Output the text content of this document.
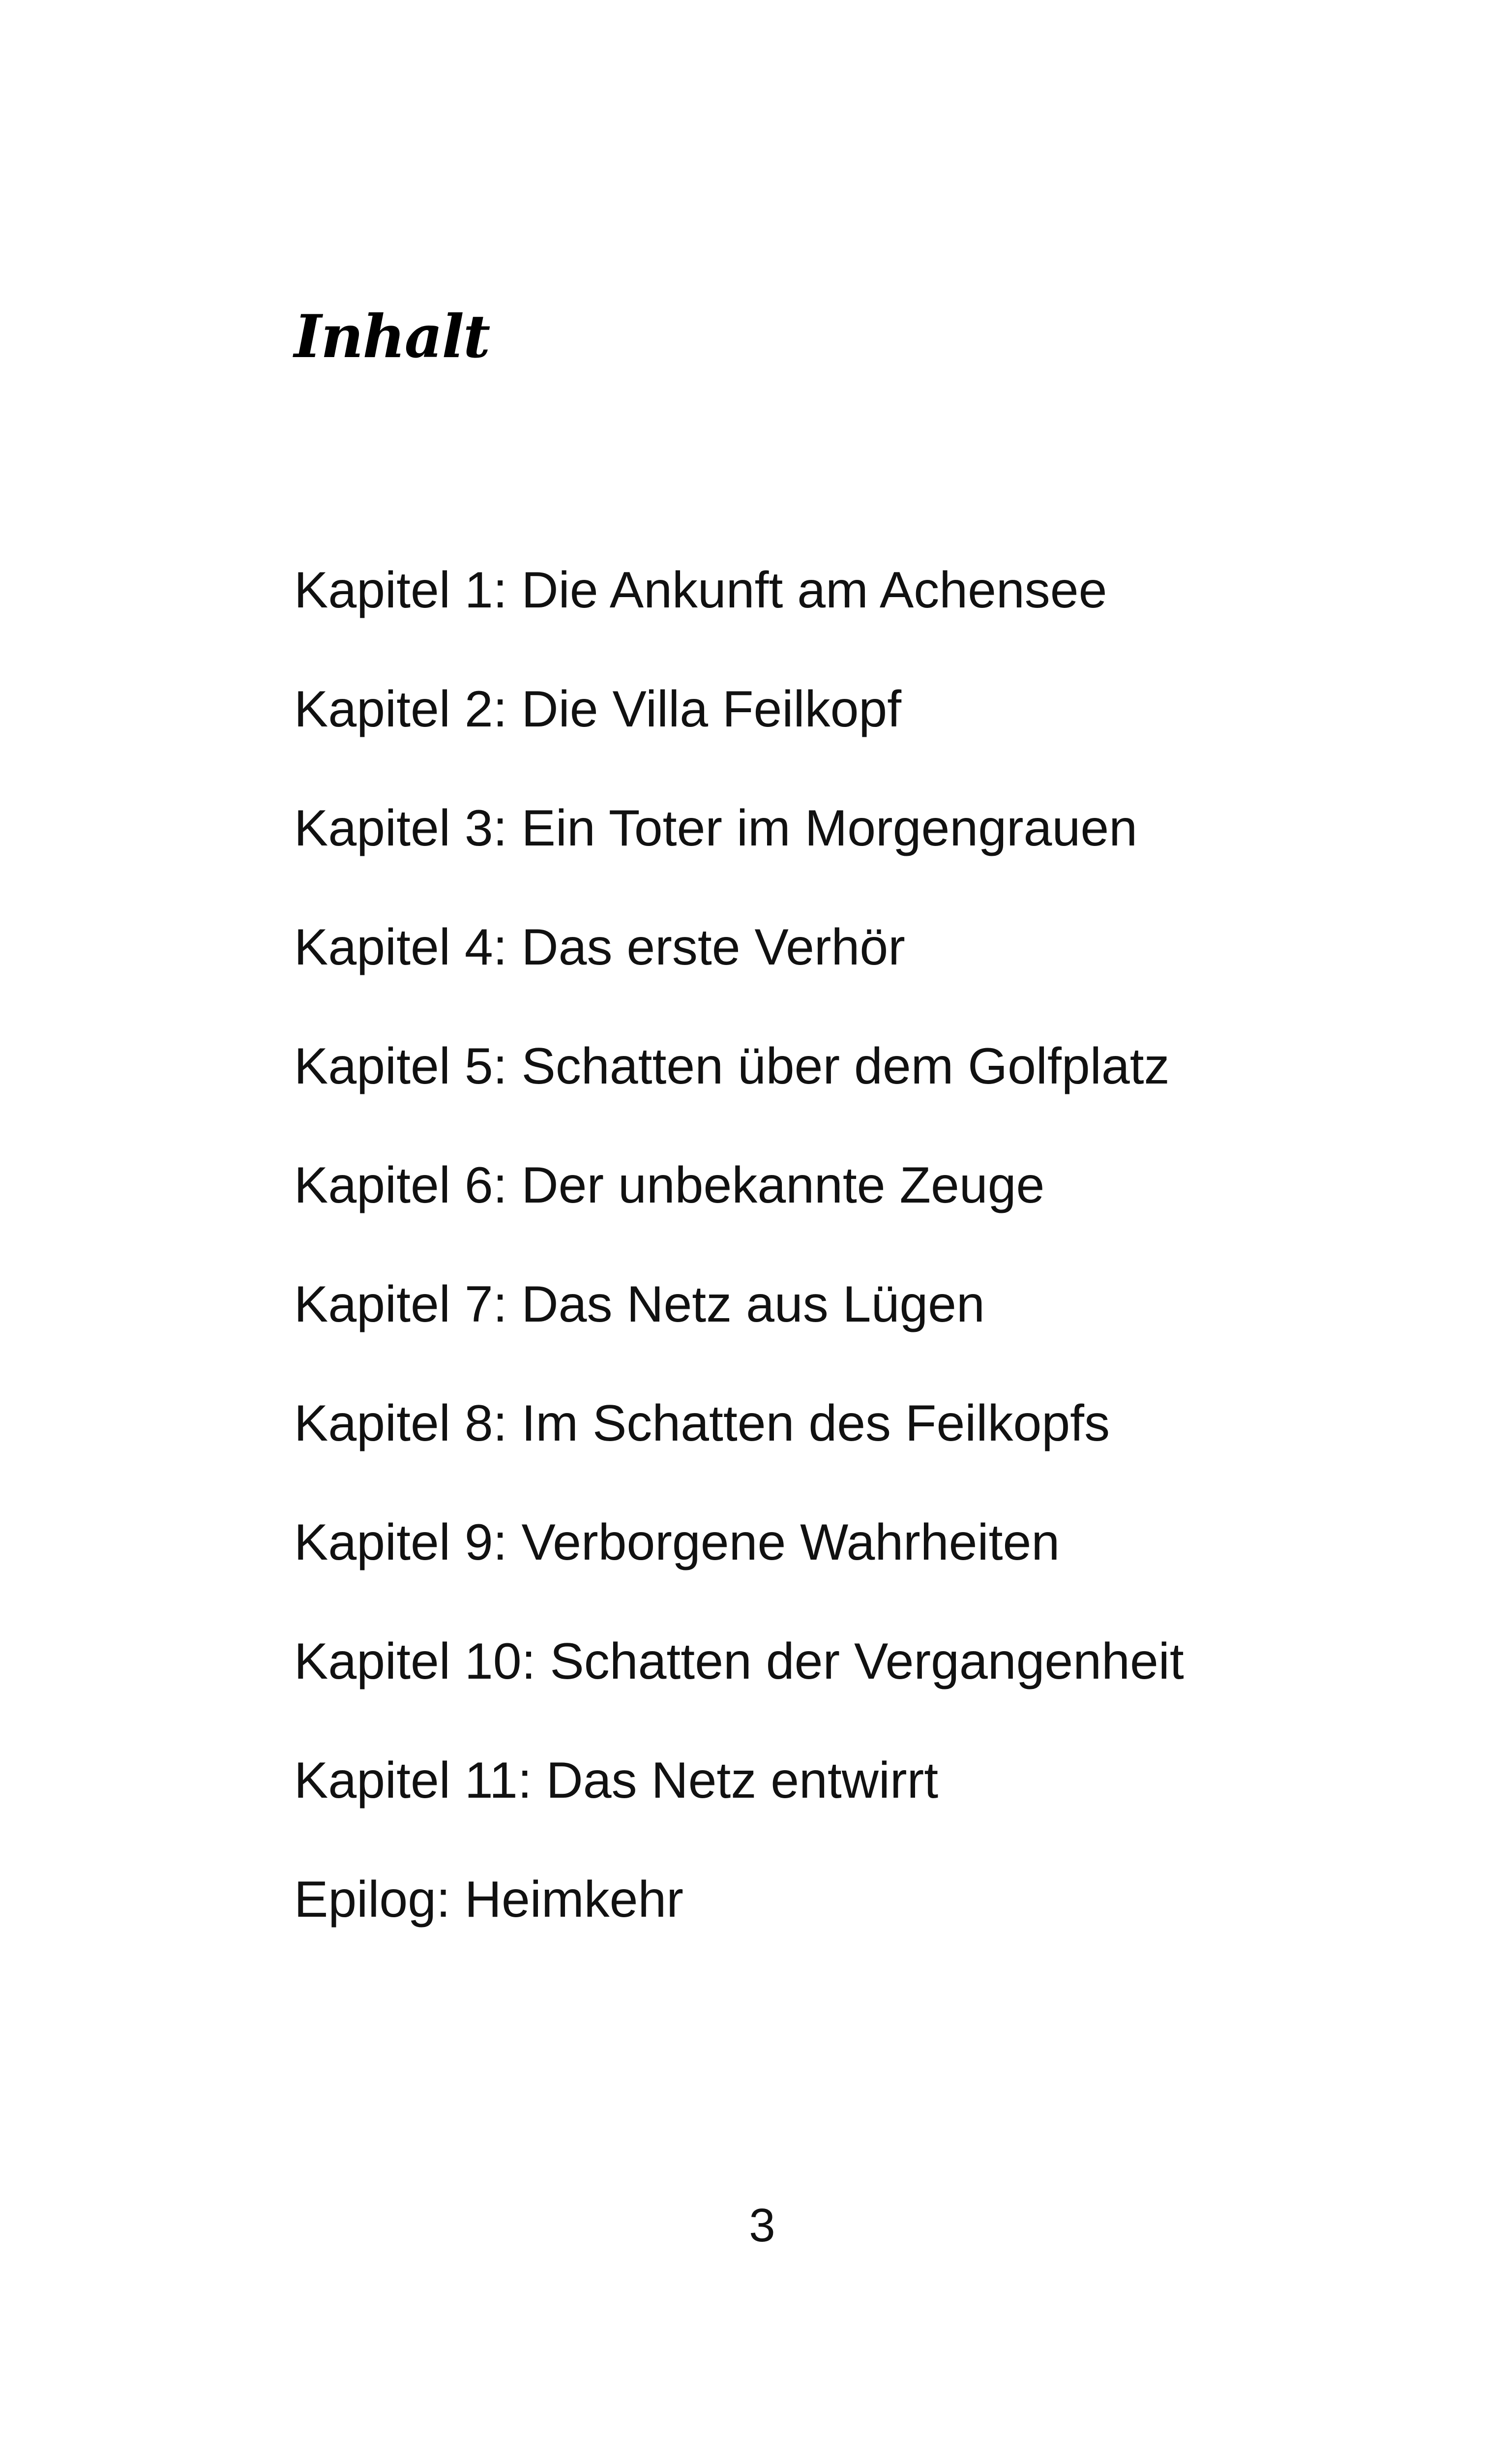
Inhalt
Kapitel 1: Die Ankunft am Achensee
Kapitel 2: Die Villa Feilkopf
Kapitel 3: Ein Toter im Morgengrauen
Kapitel 4: Das erste Verhör
Kapitel 5: Schatten über dem Golfplatz
Kapitel 6: Der unbekannte Zeuge
Kapitel 7: Das Netz aus Lügen
Kapitel 8: Im Schatten des Feilkopfs
Kapitel 9: Verborgene Wahrheiten
Kapitel 10: Schatten der Vergangenheit
Kapitel 11: Das Netz entwirrt
Epilog: Heimkehr
3
